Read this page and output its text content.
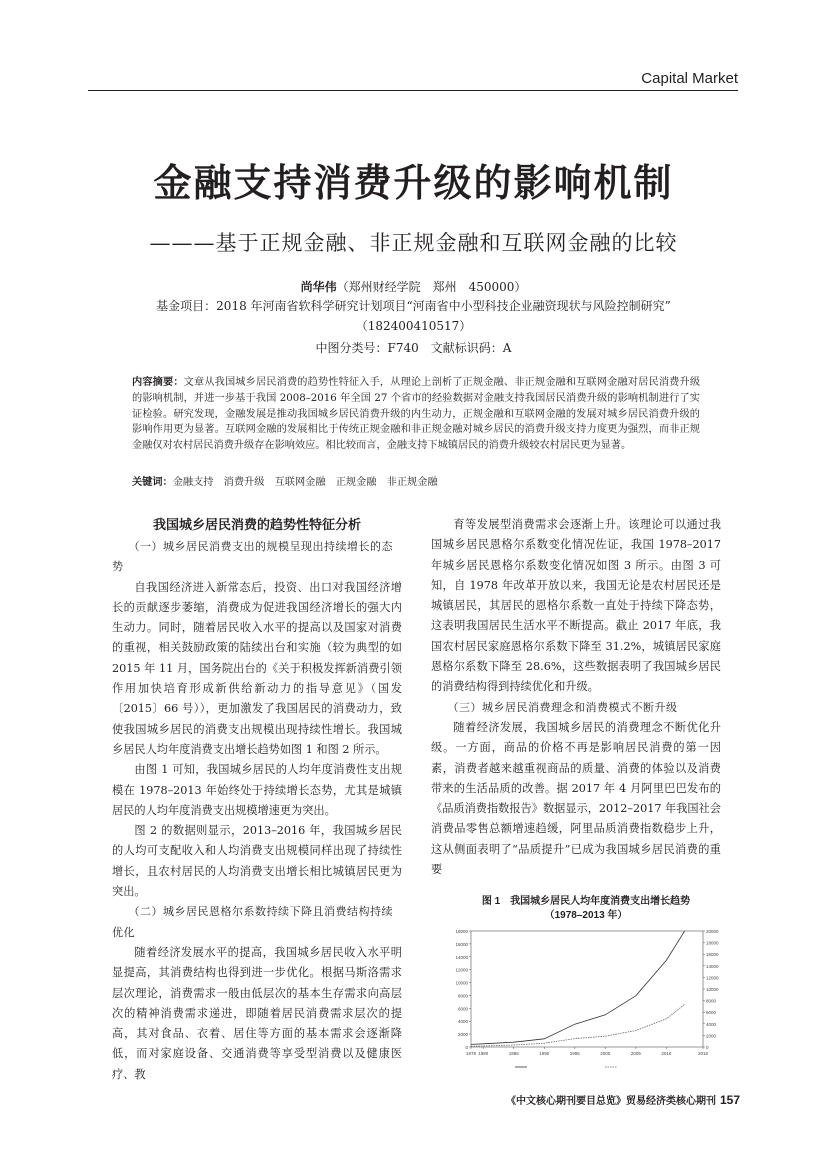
Capital Market
金融支持消费升级的影响机制
———基于正规金融、非正规金融和互联网金融的比较
尚华伟（郑州财经学院　郑州　450000）
基金项目：2018 年河南省软科学研究计划项目“河南省中小型科技企业融资现状与风险控制研究”
（182400410517）
中图分类号：F740　文献标识码：A
内容摘要：文章从我国城乡居民消费的趋势性特征入手，从理论上剖析了正规金融、非正规金融和互联网金融对居民消费升级的影响机制，并进一步基于我国 2008–2016 年全国 27 个省市的经验数据对金融支持我国居民消费升级的影响机制进行了实证检验。研究发现，金融发展是推动我国城乡居民消费升级的内生动力，正规金融和互联网金融的发展对城乡居民消费升级的影响作用更为显著。互联网金融的发展相比于传统正规金融和非正规金融对城乡居民的消费升级支持力度更为强烈，而非正规金融仅对农村居民消费升级存在影响效应。相比较而言，金融支持下城镇居民的消费升级较农村居民更为显著。
关键词：金融支持　消费升级　互联网金融　正规金融　非正规金融
我国城乡居民消费的趋势性特征分析
（一）城乡居民消费支出的规模呈现出持续增长的态势

自我国经济进入新常态后，投资、出口对我国经济增长的贡献逐步萎缩，消费成为促进我国经济增长的强大内生动力。同时，随着居民收入水平的提高以及国家对消费的重视，相关鼓励政策的陆续出台和实施（较为典型的如 2015 年 11 月，国务院出台的《关于积极发挥新消费引领作用加快培育形成新供给新动力的指导意见》（国发〔2015〕66 号）），更加激发了我国居民的消费动力，致使我国城乡居民的消费支出规模出现持续性增长。我国城乡居民人均年度消费支出增长趋势如图 1 和图 2 所示。

由图 1 可知，我国城乡居民的人均年度消费性支出规模在 1978–2013 年始终处于持续增长态势，尤其是城镇居民的人均年度消费支出规模增速更为突出。

图 2 的数据则显示，2013–2016 年，我国城乡居民的人均可支配收入和人均消费支出规模同样出现了持续性增长，且农村居民的人均消费支出增长相比城镇居民更为突出。

（二）城乡居民恩格尔系数持续下降且消费结构持续优化

随着经济发展水平的提高，我国城乡居民收入水平明显提高，其消费结构也得到进一步优化。根据马斯洛需求层次理论，消费需求一般由低层次的基本生存需求向高层次的精神消费需求递进，即随着居民消费需求层次的提高，其对食品、衣着、居住等方面的基本需求会逐渐降低，而对家庭设备、交通消费等享受型消费以及健康医疗、教

育等发展型消费需求会逐渐上升。该理论可以通过我国城乡居民恩格尔系数变化情况佐证，我国 1978–2017 年城乡居民恩格尔系数变化情况如图 3 所示。由图 3 可知，自 1978 年改革开放以来，我国无论是农村居民还是城镇居民，其居民的恩格尔系数一直处于持续下降态势，这表明我国居民生活水平不断提高。截止 2017 年底，我国农村居民家庭恩格尔系数下降至 31.2%，城镇居民家庭恩格尔系数下降至 28.6%，这些数据表明了我国城乡居民的消费结构得到持续优化和升级。

（三）城乡居民消费理念和消费模式不断升级

随着经济发展，我国城乡居民的消费理念不断优化升级。一方面，商品的价格不再是影响居民消费的第一因素，消费者越来越重视商品的质量、消费的体验以及消费带来的生活品质的改善。据 2017 年 4 月阿里巴巴发布的《品质消费指数报告》数据显示，2012–2017 年我国社会消费品零售总额增速趋缓，阿里品质消费指数稳步上升，这从侧面表明了“品质提升”已成为我国城乡居民消费的重要

图 1　我国城乡居民人均年度消费支出增长趋势
（1978–2013 年）
0
2000
4000
6000
8000
10000
12000
14000
16000
18000
0
2000
4000
6000
8000
10000
12000
14000
16000
18000
20000
1978 1980	1985	1990	1995	2000	2005	2010	2016
《中文核心期刊要目总览》贸易经济类核心期刊 157
